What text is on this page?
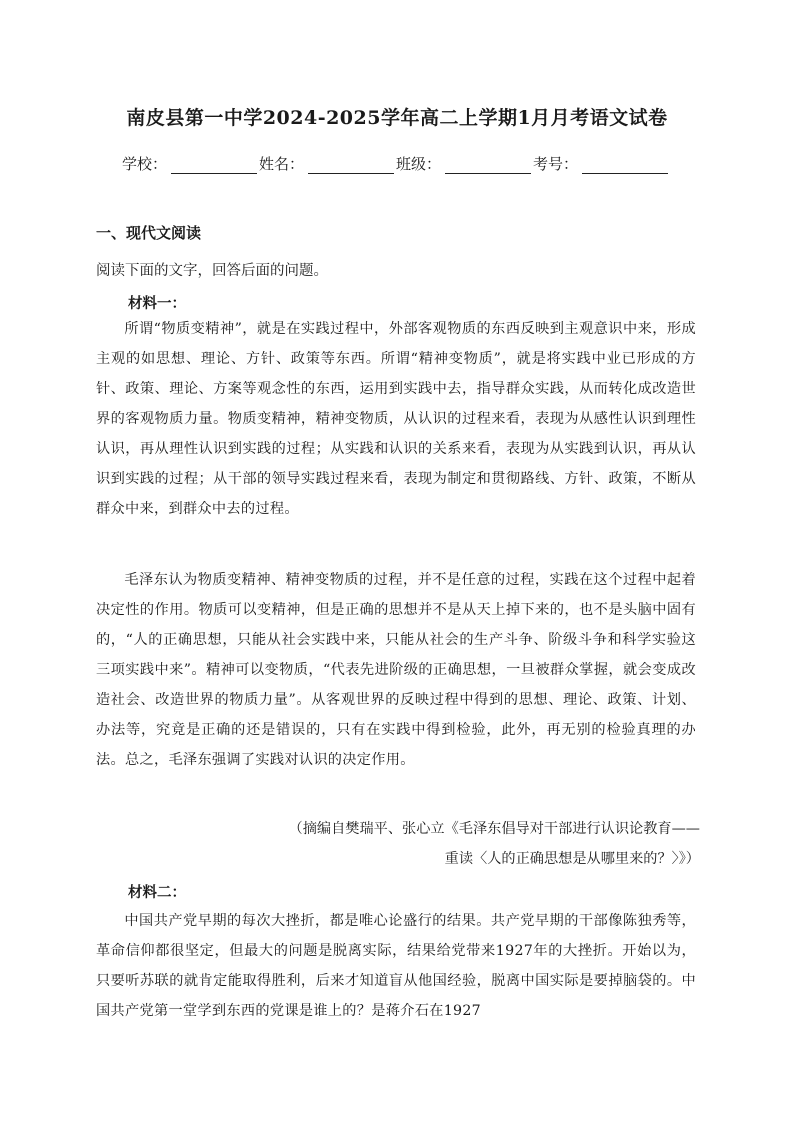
南皮县第一中学2024-2025学年高二上学期1月月考语文试卷
学校：	姓名：	班级：	考号：
一、现代文阅读
阅读下面的文字，回答后面的问题。
材料一：

所谓“物质变精神”，就是在实践过程中，外部客观物质的东西反映到主观意识中来，形成主观的如思想、理论、方针、政策等东西。所谓“精神变物质”，就是将实践中业已形成的方针、政策、理论、方案等观念性的东西，运用到实践中去，指导群众实践，从而转化成改造世界的客观物质力量。物质变精神，精神变物质，从认识的过程来看，表现为从感性认识到理性认识，再从理性认识到实践的过程；从实践和认识的关系来看，表现为从实践到认识，再从认识到实践的过程；从干部的领导实践过程来看，表现为制定和贯彻路线、方针、政策，不断从群众中来，到群众中去的过程。

毛泽东认为物质变精神、精神变物质的过程，并不是任意的过程，实践在这个过程中起着决定性的作用。物质可以变精神，但是正确的思想并不是从天上掉下来的，也不是头脑中固有的，“人的正确思想，只能从社会实践中来，只能从社会的生产斗争、阶级斗争和科学实验这三项实践中来”。精神可以变物质，“代表先进阶级的正确思想，一旦被群众掌握，就会变成改造社会、改造世界的物质力量”。从客观世界的反映过程中得到的思想、理论、政策、计划、办法等，究竟是正确的还是错误的，只有在实践中得到检验，此外，再无别的检验真理的办法。总之，毛泽东强调了实践对认识的决定作用。

（摘编自樊瑞平、张心立《毛泽东倡导对干部进行认识论教育——

重读〈人的正确思想是从哪里来的？〉》）

材料二：

中国共产党早期的每次大挫折，都是唯心论盛行的结果。共产党早期的干部像陈独秀等，革命信仰都很坚定，但最大的问题是脱离实际，结果给党带来1927年的大挫折。开始以为，只要听苏联的就肯定能取得胜利，后来才知道盲从他国经验，脱离中国实际是要掉脑袋的。中国共产党第一堂学到东西的党课是谁上的？是蒋介石在1927
